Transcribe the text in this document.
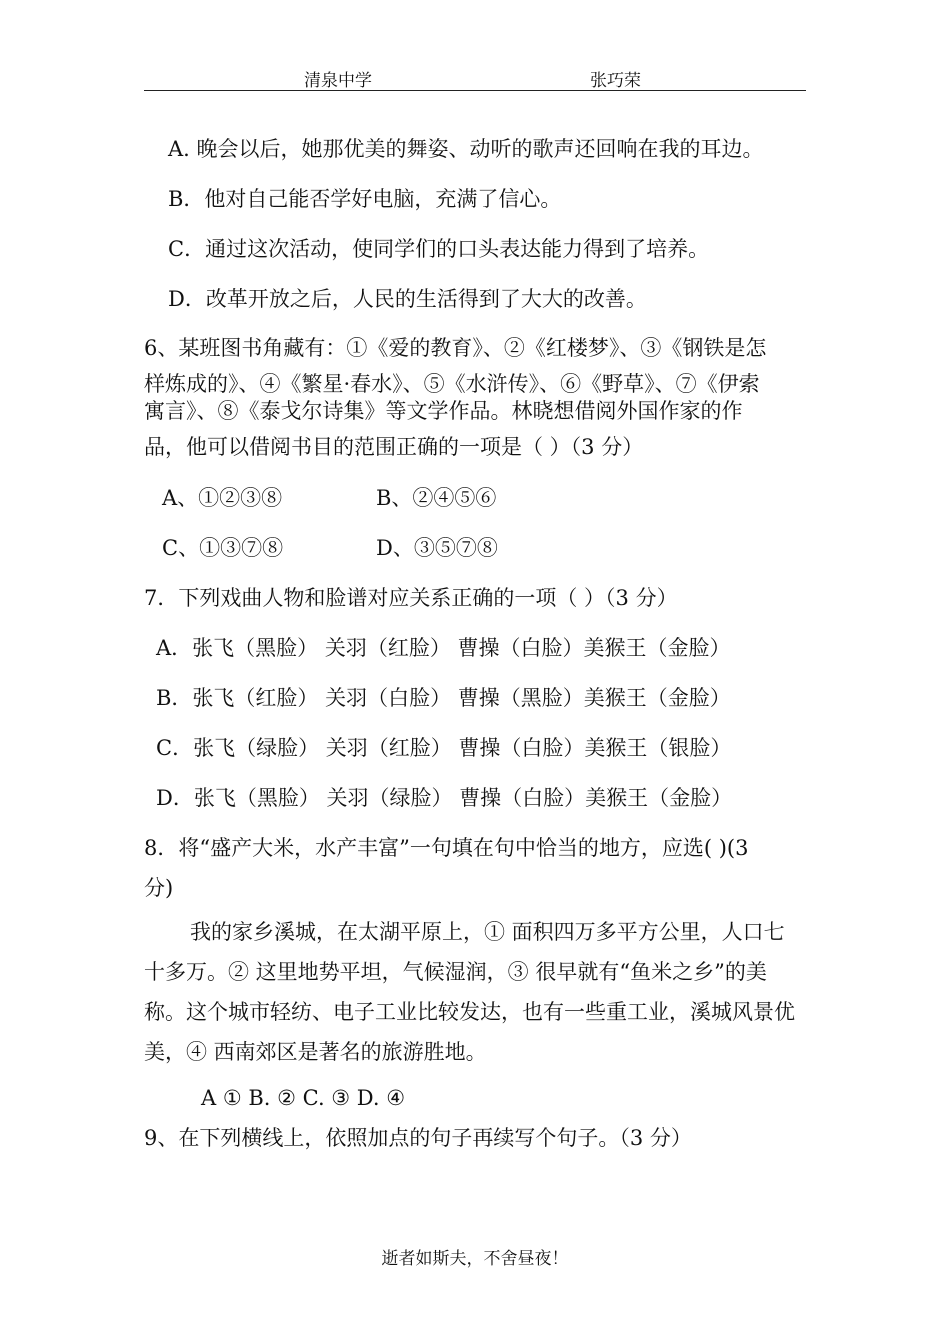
清泉中学	张巧荣
A. 晚会以后，她那优美的舞姿、动听的歌声还回响在我的耳边。
B．他对自己能否学好电脑，充满了信心。
C．通过这次活动，使同学们的口头表达能力得到了培养。
D．改革开放之后，人民的生活得到了大大的改善。
6、某班图书角藏有：①《爱的教育》、②《红楼梦》、③《钢铁是怎
样炼成的》、④《繁星·春水》、⑤《水浒传》、⑥《野草》、⑦《伊索
寓言》、⑧《泰戈尔诗集》等文学作品。林晓想借阅外国作家的作
品，他可以借阅书目的范围正确的一项是（ ）（3 分）
A、①②③⑧	B、②④⑤⑥
C、①③⑦⑧	D、③⑤⑦⑧
7．下列戏曲人物和脸谱对应关系正确的一项（ ）（3 分）
A．张飞（黑脸） 关羽（红脸） 曹操（白脸）美猴王（金脸）
B．张飞（红脸） 关羽（白脸） 曹操（黑脸）美猴王（金脸）
C．张飞（绿脸） 关羽（红脸） 曹操（白脸）美猴王（银脸）
D．张飞（黑脸） 关羽（绿脸） 曹操（白脸）美猴王（金脸）
8．将“盛产大米，水产丰富”一句填在句中恰当的地方，应选( )(3
分)
我的家乡溪城，在太湖平原上，① 面积四万多平方公里，人口七
十多万。② 这里地势平坦，气候湿润，③ 很早就有“鱼米之乡”的美
称。这个城市轻纺、电子工业比较发达，也有一些重工业，溪城风景优
美，④ 西南郊区是著名的旅游胜地。
A ① B. ② C. ③ D. ④
9、在下列横线上，依照加点的句子再续写个句子。（3 分）
逝者如斯夫，不舍昼夜！
